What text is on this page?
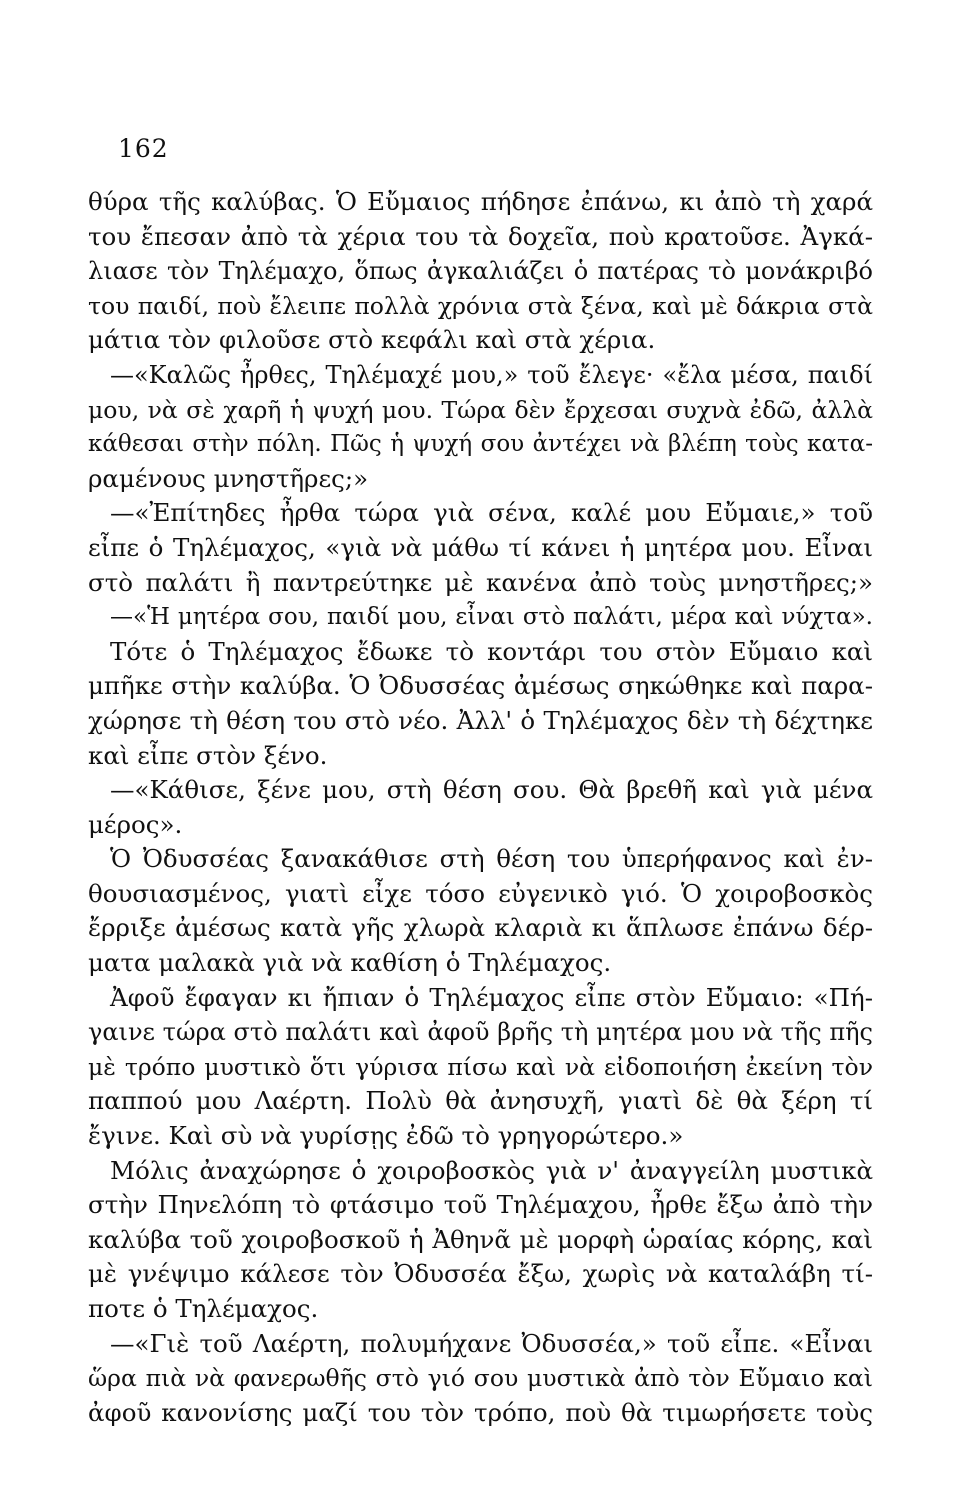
162
θύρα τῆς καλύβας. Ὁ Εὔμαιος πήδησε ἐπάνω, κι ἀπὸ τὴ χαρά
του ἔπεσαν ἀπὸ τὰ χέρια του τὰ δοχεῖα, ποὺ κρατοῦσε. Ἀγκά-
λιασε τὸν Τηλέμαχο, ὅπως ἀγκαλιάζει ὁ πατέρας τὸ μονάκριβό
του παιδί, ποὺ ἔλειπε πολλὰ χρόνια στὰ ξένα, καὶ μὲ δάκρια στὰ
μάτια τὸν φιλοῦσε στὸ κεφάλι καὶ στὰ χέρια.
—«Καλῶς ἦρθες, Τηλέμαχέ μου,» τοῦ ἔλεγε· «ἔλα μέσα, παιδί
μου, νὰ σὲ χαρῆ ἡ ψυχή μου. Τώρα δὲν ἔρχεσαι συχνὰ ἐδῶ, ἀλλὰ
κάθεσαι στὴν πόλη. Πῶς ἡ ψυχή σου ἀντέχει νὰ βλέπη τοὺς κατα-
ραμένους μνηστῆρες;»
—«Ἐπίτηδες ἦρθα τώρα γιὰ σένα, καλέ μου Εὔμαιε,» τοῦ
εἶπε ὁ Τηλέμαχος, «γιὰ νὰ μάθω τί κάνει ἡ μητέρα μου. Εἶναι
στὸ παλάτι ἢ παντρεύτηκε μὲ κανένα ἀπὸ τοὺς μνηστῆρες;»
—«Ἡ μητέρα σου, παιδί μου, εἶναι στὸ παλάτι, μέρα καὶ νύχτα».
Τότε ὁ Τηλέμαχος ἔδωκε τὸ κοντάρι του στὸν Εὔμαιο καὶ
μπῆκε στὴν καλύβα. Ὁ Ὀδυσσέας ἀμέσως σηκώθηκε καὶ παρα-
χώρησε τὴ θέση του στὸ νέο. Ἀλλ' ὁ Τηλέμαχος δὲν τὴ δέχτηκε
καὶ εἶπε στὸν ξένο.
—«Κάθισε, ξένε μου, στὴ θέση σου. Θὰ βρεθῆ καὶ γιὰ μένα
μέρος».
Ὁ Ὀδυσσέας ξανακάθισε στὴ θέση του ὑπερήφανος καὶ ἐν-
θουσιασμένος, γιατὶ εἶχε τόσο εὐγενικὸ γιό. Ὁ χοιροβοσκὸς
ἔρριξε ἀμέσως κατὰ γῆς χλωρὰ κλαριὰ κι ἅπλωσε ἐπάνω δέρ-
ματα μαλακὰ γιὰ νὰ καθίση ὁ Τηλέμαχος.
Ἀφοῦ ἔφαγαν κι ἤπιαν ὁ Τηλέμαχος εἶπε στὸν Εὔμαιο: «Πή-
γαινε τώρα στὸ παλάτι καὶ ἀφοῦ βρῆς τὴ μητέρα μου νὰ τῆς πῆς
μὲ τρόπο μυστικὸ ὅτι γύρισα πίσω καὶ νὰ εἰδοποιήση ἐκείνη τὸν
παππού μου Λαέρτη. Πολὺ θὰ ἀνησυχῆ, γιατὶ δὲ θὰ ξέρη τί
ἔγινε. Καὶ σὺ νὰ γυρίσῃς ἐδῶ τὸ γρηγορώτερο.»
Μόλις ἀναχώρησε ὁ χοιροβοσκὸς γιὰ ν' ἀναγγείλη μυστικὰ
στὴν Πηνελόπη τὸ φτάσιμο τοῦ Τηλέμαχου, ἦρθε ἔξω ἀπὸ τὴν
καλύβα τοῦ χοιροβοσκοῦ ἡ Ἀθηνᾶ μὲ μορφὴ ὡραίας κόρης, καὶ
μὲ γνέψιμο κάλεσε τὸν Ὀδυσσέα ἔξω, χωρὶς νὰ καταλάβη τί-
ποτε ὁ Τηλέμαχος.
—«Γιὲ τοῦ Λαέρτη, πολυμήχανε Ὀδυσσέα,» τοῦ εἶπε. «Εἶναι
ὥρα πιὰ νὰ φανερωθῆς στὸ γιό σου μυστικὰ ἀπὸ τὸν Εὔμαιο καὶ
ἀφοῦ κανονίσης μαζί του τὸν τρόπο, ποὺ θὰ τιμωρήσετε τοὺς
